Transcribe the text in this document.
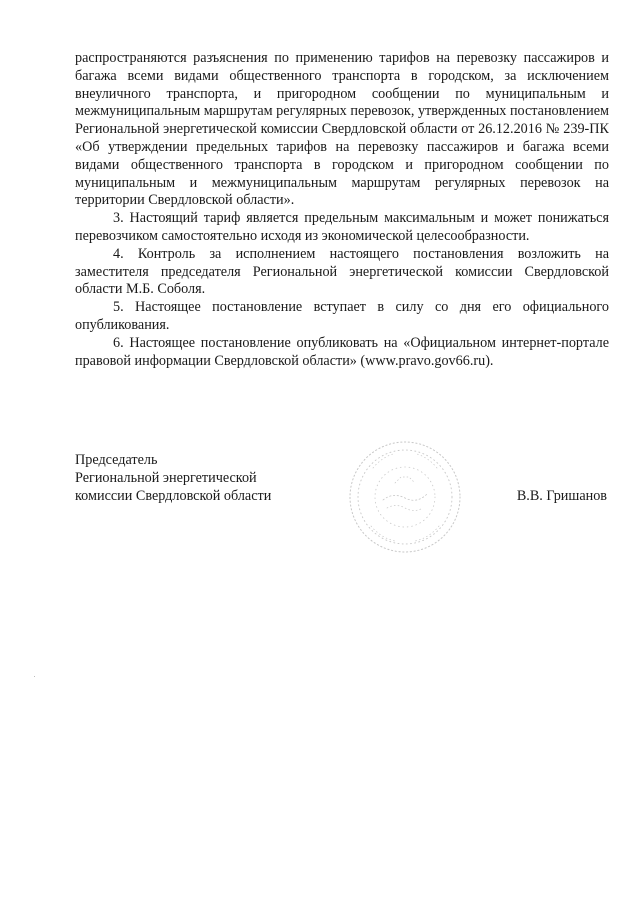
распространяются разъяснения по применению тарифов на перевозку пассажиров и багажа всеми видами общественного транспорта в городском, за исключением внеуличного транспорта, и пригородном сообщении по муниципальным и межмуниципальным маршрутам регулярных перевозок, утвержденных постановлением Региональной энергетической комиссии Свердловской области от 26.12.2016 № 239-ПК «Об утверждении предельных тарифов на перевозку пассажиров и багажа всеми видами общественного транспорта в городском и пригородном сообщении по муниципальным и межмуниципальным маршрутам регулярных перевозок на территории Свердловской области».

3. Настоящий тариф является предельным максимальным и может понижаться перевозчиком самостоятельно исходя из экономической целесообразности.

4. Контроль за исполнением настоящего постановления возложить на заместителя председателя Региональной энергетической комиссии Свердловской области М.Б. Соболя.

5. Настоящее постановление вступает в силу со дня его официального опубликования.

6. Настоящее постановление опубликовать на «Официальном интернет-портале правовой информации Свердловской области» (www.pravo.gov66.ru).

Председатель
Региональной энергетической
комиссии Свердловской области	В.В. Гришанов
